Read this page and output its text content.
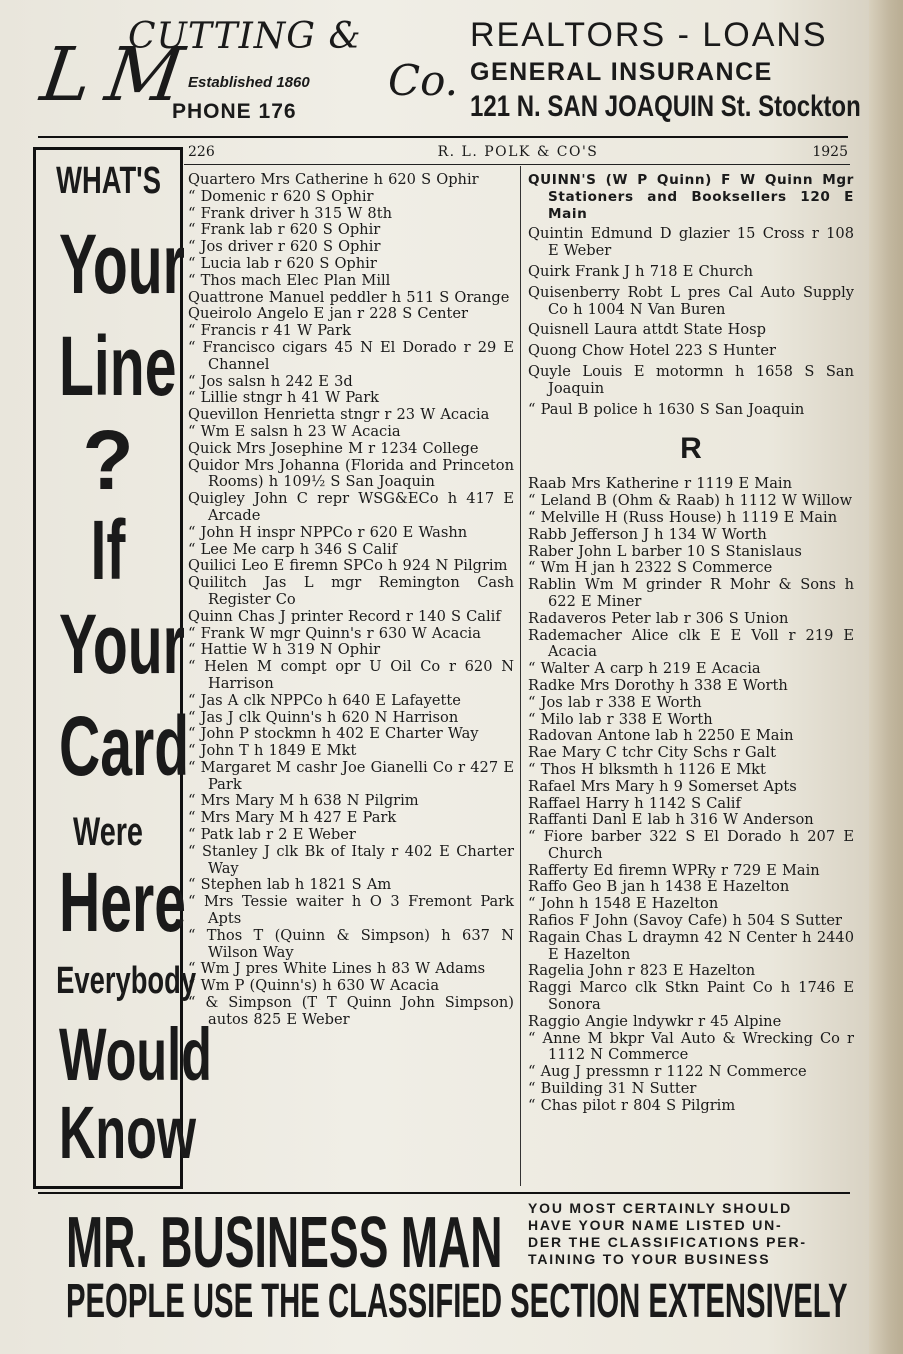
L M
CUTTING &
Co.
Established 1860
PHONE 176
REALTORS - LOANS
GENERAL INSURANCE
121 N. SAN JOAQUIN St. Stockton
WHAT'S
Your
Line
?
If
Your
Card
Were
Here
Everybody
Would
Know
226	R. L. POLK & CO'S	1925
Quartero Mrs Catherine h 620 S Ophir
“ Domenic r 620 S Ophir
“ Frank driver h 315 W 8th
“ Frank lab r 620 S Ophir
“ Jos driver r 620 S Ophir
“ Lucia lab r 620 S Ophir
“ Thos mach Elec Plan Mill
Quattrone Manuel peddler h 511 S Orange
Queirolo Angelo E jan r 228 S Center
“ Francis r 41 W Park
“ Francisco cigars 45 N El Dorado r 29 E Channel
“ Jos salsn h 242 E 3d
“ Lillie stngr h 41 W Park
Quevillon Henrietta stngr r 23 W Acacia
“ Wm E salsn h 23 W Acacia
Quick Mrs Josephine M r 1234 College
Quidor Mrs Johanna (Florida and Princeton Rooms) h 109½ S San Joaquin
Quigley John C repr WSG&ECo h 417 E Arcade
“ John H inspr NPPCo r 620 E Washn
“ Lee Me carp h 346 S Calif
Quilici Leo E firemn SPCo h 924 N Pilgrim
Quilitch Jas L mgr Remington Cash Register Co
Quinn Chas J printer Record r 140 S Calif
“ Frank W mgr Quinn's r 630 W Acacia
“ Hattie W h 319 N Ophir
“ Helen M compt opr U Oil Co r 620 N Harrison
“ Jas A clk NPPCo h 640 E Lafayette
“ Jas J clk Quinn's h 620 N Harrison
“ John P stockmn h 402 E Charter Way
“ John T h 1849 E Mkt
“ Margaret M cashr Joe Gianelli Co r 427 E Park
“ Mrs Mary M h 638 N Pilgrim
“ Mrs Mary M h 427 E Park
“ Patk lab r 2 E Weber
“ Stanley J clk Bk of Italy r 402 E Charter Way
“ Stephen lab h 1821 S Am
“ Mrs Tessie waiter h O 3 Fremont Park Apts
“ Thos T (Quinn & Simpson) h 637 N Wilson Way
“ Wm J pres White Lines h 83 W Adams
“ Wm P (Quinn's) h 630 W Acacia
“ & Simpson (T T Quinn John Simpson) autos 825 E Weber
QUINN'S (W P Quinn) F W Quinn Mgr Stationers and Booksellers 120 E Main
Quintin Edmund D glazier 15 Cross r 108 E Weber
Quirk Frank J h 718 E Church
Quisenberry Robt L pres Cal Auto Supply Co h 1004 N Van Buren
Quisnell Laura attdt State Hosp
Quong Chow Hotel 223 S Hunter
Quyle Louis E motormn h 1658 S San Joaquin
“ Paul B police h 1630 S San Joaquin
R
Raab Mrs Katherine r 1119 E Main
“ Leland B (Ohm & Raab) h 1112 W Willow
“ Melville H (Russ House) h 1119 E Main
Rabb Jefferson J h 134 W Worth
Raber John L barber 10 S Stanislaus
“ Wm H jan h 2322 S Commerce
Rablin Wm M grinder R Mohr & Sons h 622 E Miner
Radaveros Peter lab r 306 S Union
Rademacher Alice clk E E Voll r 219 E Acacia
“ Walter A carp h 219 E Acacia
Radke Mrs Dorothy h 338 E Worth
“ Jos lab r 338 E Worth
“ Milo lab r 338 E Worth
Radovan Antone lab h 2250 E Main
Rae Mary C tchr City Schs r Galt
“ Thos H blksmth h 1126 E Mkt
Rafael Mrs Mary h 9 Somerset Apts
Raffael Harry h 1142 S Calif
Raffanti Danl E lab h 316 W Anderson
“ Fiore barber 322 S El Dorado h 207 E Church
Rafferty Ed firemn WPRy r 729 E Main
Raffo Geo B jan h 1438 E Hazelton
“ John h 1548 E Hazelton
Rafios F John (Savoy Cafe) h 504 S Sutter
Ragain Chas L draymn 42 N Center h 2440 E Hazelton
Ragelia John r 823 E Hazelton
Raggi Marco clk Stkn Paint Co h 1746 E Sonora
Raggio Angie lndywkr r 45 Alpine
“ Anne M bkpr Val Auto & Wrecking Co r 1112 N Commerce
“ Aug J pressmn r 1122 N Commerce
“ Building 31 N Sutter
“ Chas pilot r 804 S Pilgrim
MR. BUSINESS MAN YOU MOST CERTAINLY SHOULD
HAVE YOUR NAME LISTED UN-
DER THE CLASSIFICATIONS PER-
TAINING TO YOUR BUSINESS
PEOPLE USE THE CLASSIFIED SECTION EXTENSIVELY
